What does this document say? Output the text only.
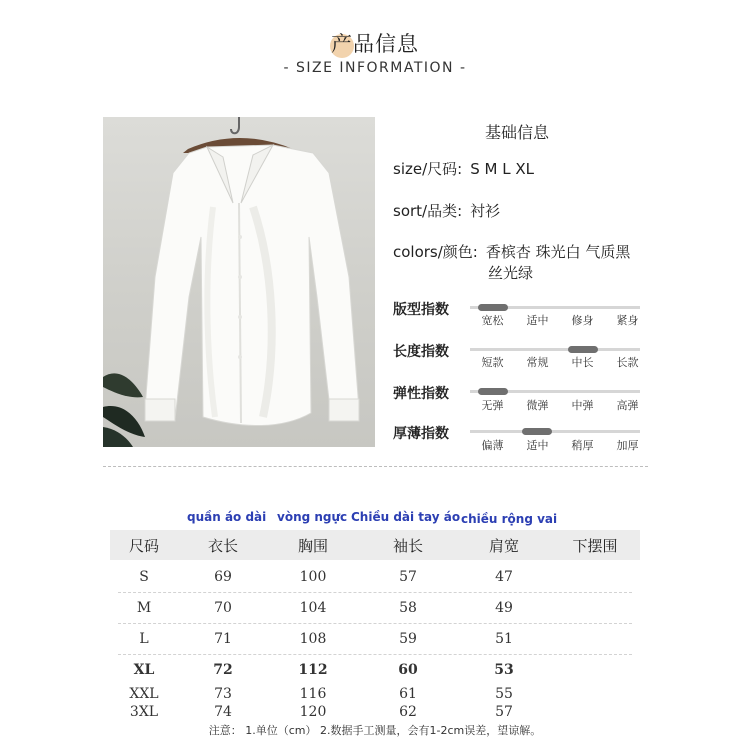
产品信息
- SIZE INFORMATION -
基础信息
size/尺码: S M L XL
sort/品类: 衬衫
colors/颜色: 香槟杏 珠光白 气质黑
丝光绿
版型指数
宽松	适中	修身	紧身
长度指数
短款	常规	中长	长款
弹性指数
无弹	微弹	中弹	高弹
厚薄指数
偏薄	适中	稍厚	加厚
quần áo dài vòng ngực Chiều dài tay áo chiều rộng vai
尺码	衣长	胸围	袖长	肩宽	下摆围
S	69	100	57	47
M	70	104	58	49
L	71	108	59	51
XL	72	112	60	53
XXL	73	116	61	55
3XL	74	120	62	57
注意： 1.单位（cm） 2.数据手工测量，会有1-2cm误差，望谅解。
